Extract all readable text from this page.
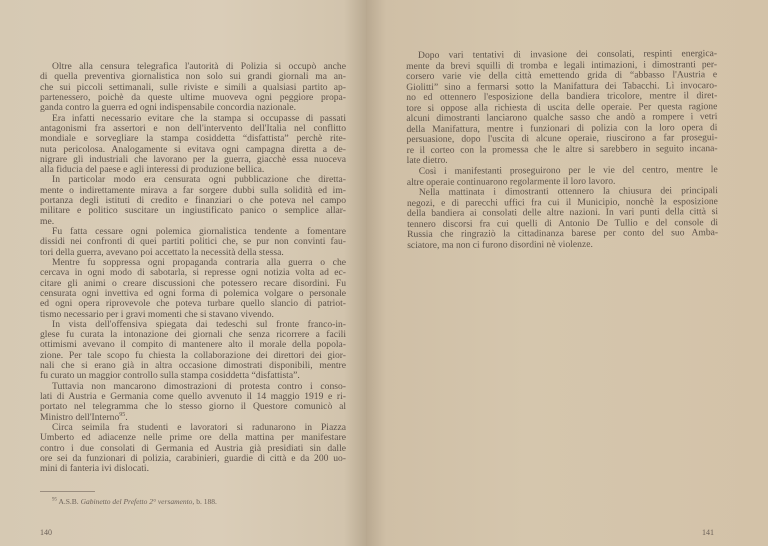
Oltre alla censura telegrafica l'autorità di Polizia si occupò anche
di quella preventiva giornalistica non solo sui grandi giornali ma an-
che sui piccoli settimanali, sulle riviste e simili a qualsiasi partito ap-
partenessero, poichè da queste ultime muoveva ogni peggiore propa-
ganda contro la guerra ed ogni indispensabile concordia nazionale.
Era infatti necessario evitare che la stampa si occupasse di passati
antagonismi fra assertori e non dell'intervento dell'Italia nel conflitto
mondiale e sorvegliare la stampa cosiddetta “disfattista” perchè rite-
nuta pericolosa. Analogamente si evitava ogni campagna diretta a de-
nigrare gli industriali che lavorano per la guerra, giacchè essa nuoceva
alla fiducia del paese e agli interessi di produzione bellica.
In particolar modo era censurata ogni pubblicazione che diretta-
mente o indirettamente mirava a far sorgere dubbi sulla solidità ed im-
portanza degli istituti di credito e finanziari o che poteva nel campo
militare e politico suscitare un ingiustificato panico o semplice allar-
me.
Fu fatta cessare ogni polemica giornalistica tendente a fomentare
dissidi nei confronti di quei partiti politici che, se pur non convinti fau-
tori della guerra, avevano poi accettato la necessità della stessa.
Mentre fu soppressa ogni propaganda contraria alla guerra o che
cercava in ogni modo di sabotarla, si represse ogni notizia volta ad ec-
citare gli animi o creare discussioni che potessero recare disordini. Fu
censurata ogni invettiva ed ogni forma di polemica volgare o personale
ed ogni opera riprovevole che poteva turbare quello slancio di patriot-
tismo necessario per i gravi momenti che si stavano vivendo.
In vista dell'offensiva spiegata dai tedeschi sul fronte franco-in-
glese fu curata la intonazione dei giornali che senza ricorrere a facili
ottimismi avevano il compito di mantenere alto il morale della popola-
zione. Per tale scopo fu chiesta la collaborazione dei direttori dei gior-
nali che si erano già in altra occasione dimostrati disponibili, mentre
fu curato un maggior controllo sulla stampa cosiddetta “disfattista”.
Tuttavia non mancarono dimostrazioni di protesta contro i conso-
lati di Austria e Germania come quello avvenuto il 14 maggio 1919 e ri-
portato nel telegramma che lo stesso giorno il Questore comunicò al
Ministro dell'Interno$^{95}$.
Circa seimila fra studenti e lavoratori si radunarono in Piazza
Umberto ed adiacenze nelle prime ore della mattina per manifestare
contro i due consolati di Germania ed Austria già presidiati sin dalle
ore sei da funzionari di polizia, carabinieri, guardie di città e da 200 uo-
mini di fanteria ivi dislocati.
$^{95}$ A.S.B. Gabinetto del Prefetto 2° versamento, b. 188.
140
Dopo vari tentativi di invasione dei consolati, respinti energica-
mente da brevi squilli di tromba e legali intimazioni, i dimostranti per-
corsero varie vie della città emettendo grida di “abbasso l'Austria e
Giolitti” sino a fermarsi sotto la Manifattura dei Tabacchi. Lì invocaro-
no ed ottennero l'esposizione della bandiera tricolore, mentre il diret-
tore si oppose alla richiesta di uscita delle operaie. Per questa ragione
alcuni dimostranti lanciarono qualche sasso che andò a rompere i vetri
della Manifattura, mentre i funzionari di polizia con la loro opera di
persuasione, dopo l'uscita di alcune operaie, riuscirono a far prosegui-
re il corteo con la promessa che le altre si sarebbero in seguito incana-
late dietro.
Così i manifestanti proseguirono per le vie del centro, mentre le
altre operaie continuarono regolarmente il loro lavoro.
Nella mattinata i dimostranti ottennero la chiusura dei principali
negozi, e di parecchi uffici fra cui il Municipio, nonchè la esposizione
della bandiera ai consolati delle altre nazioni. In vari punti della città si
tennero discorsi fra cui quelli di Antonio De Tullio e del console di
Russia che ringraziò la cittadinanza barese per conto del suo Amba-
sciatore, ma non ci furono disordini nè violenze.
141
